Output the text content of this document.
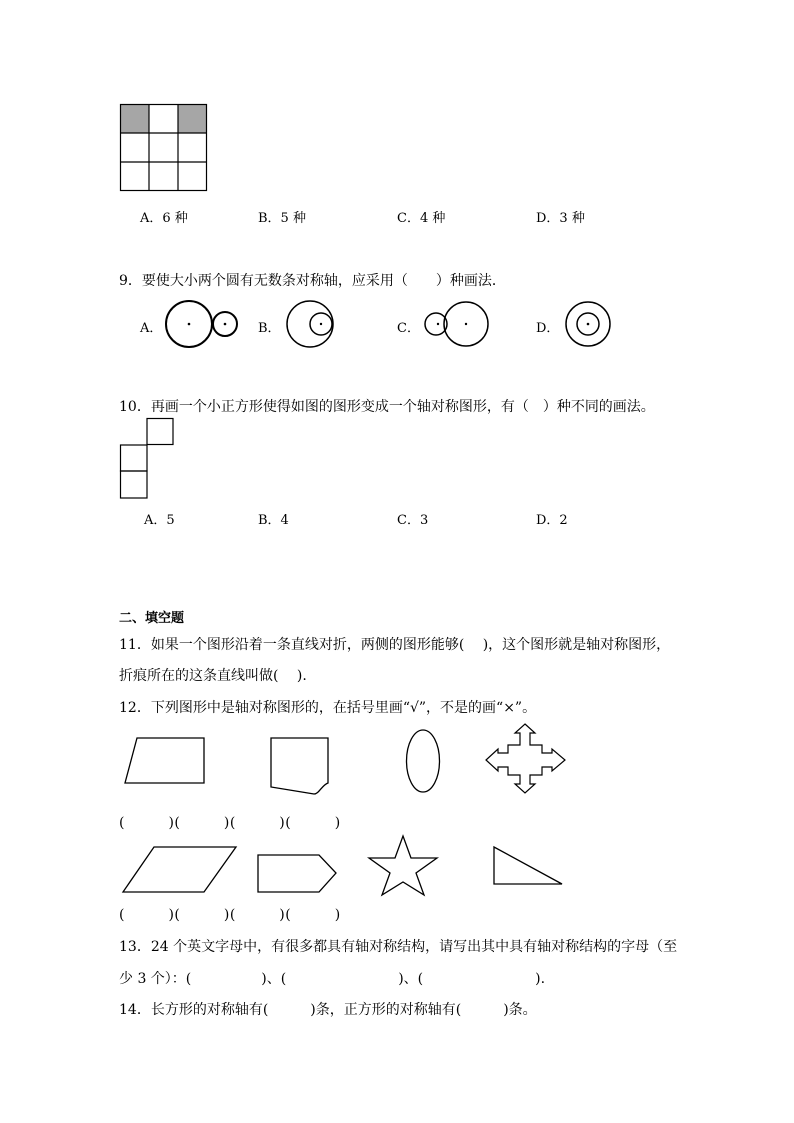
A．6 种	B．5 种	C．4 种	D．3 种
9．要使大小两个圆有无数条对称轴，应采用（　　）种画法．
A．	B．	C．	D．
10．再画一个小正方形使得如图的图形变成一个轴对称图形，有（　）种不同的画法。
A．5	B．4	C．3	D．2
二、填空题
11．如果一个图形沿着一条直线对折，两侧的图形能够(　 )，这个图形就是轴对称图形，
折痕所在的这条直线叫做(　 ).
12．下列图形中是轴对称图形的，在括号里画“√”，不是的画“×”。
(　　　)(　　　)(　　　)(　　　)
(　　　)(　　　)(　　　)(　　　)
13．24 个英文字母中，有很多都具有轴对称结构，请写出其中具有轴对称结构的字母（至
少 3 个）：(　　　　　)、(　　　　　　　　)、(　　　　　　　　).
14．长方形的对称轴有(　　　)条，正方形的对称轴有(　　　)条。
